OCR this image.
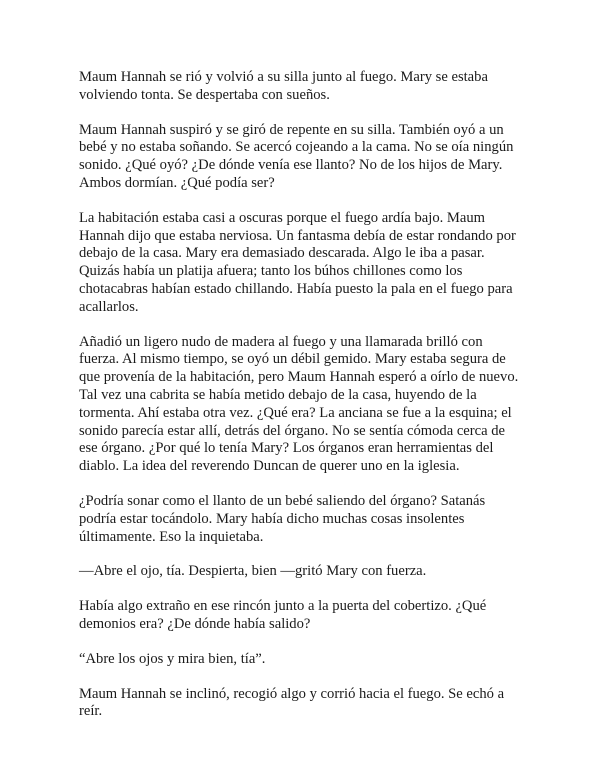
Maum Hannah se rió y volvió a su silla junto al fuego. Mary se estaba volviendo tonta. Se despertaba con sueños.

Maum Hannah suspiró y se giró de repente en su silla. También oyó a un bebé y no estaba soñando. Se acercó cojeando a la cama. No se oía ningún sonido. ¿Qué oyó? ¿De dónde venía ese llanto? No de los hijos de Mary. Ambos dormían. ¿Qué podía ser?

La habitación estaba casi a oscuras porque el fuego ardía bajo. Maum Hannah dijo que estaba nerviosa. Un fantasma debía de estar rondando por debajo de la casa. Mary era demasiado descarada. Algo le iba a pasar. Quizás había un platija afuera; tanto los búhos chillones como los chotacabras habían estado chillando. Había puesto la pala en el fuego para acallarlos.

Añadió un ligero nudo de madera al fuego y una llamarada brilló con fuerza. Al mismo tiempo, se oyó un débil gemido. Mary estaba segura de que provenía de la habitación, pero Maum Hannah esperó a oírlo de nuevo. Tal vez una cabrita se había metido debajo de la casa, huyendo de la tormenta. Ahí estaba otra vez. ¿Qué era? La anciana se fue a la esquina; el sonido parecía estar allí, detrás del órgano. No se sentía cómoda cerca de ese órgano. ¿Por qué lo tenía Mary? Los órganos eran herramientas del diablo. La idea del reverendo Duncan de querer uno en la iglesia.

¿Podría sonar como el llanto de un bebé saliendo del órgano? Satanás podría estar tocándolo. Mary había dicho muchas cosas insolentes últimamente. Eso la inquietaba.

—Abre el ojo, tía. Despierta, bien —gritó Mary con fuerza.

Había algo extraño en ese rincón junto a la puerta del cobertizo. ¿Qué demonios era? ¿De dónde había salido?

“Abre los ojos y mira bien, tía”.

Maum Hannah se inclinó, recogió algo y corrió hacia el fuego. Se echó a reír.
